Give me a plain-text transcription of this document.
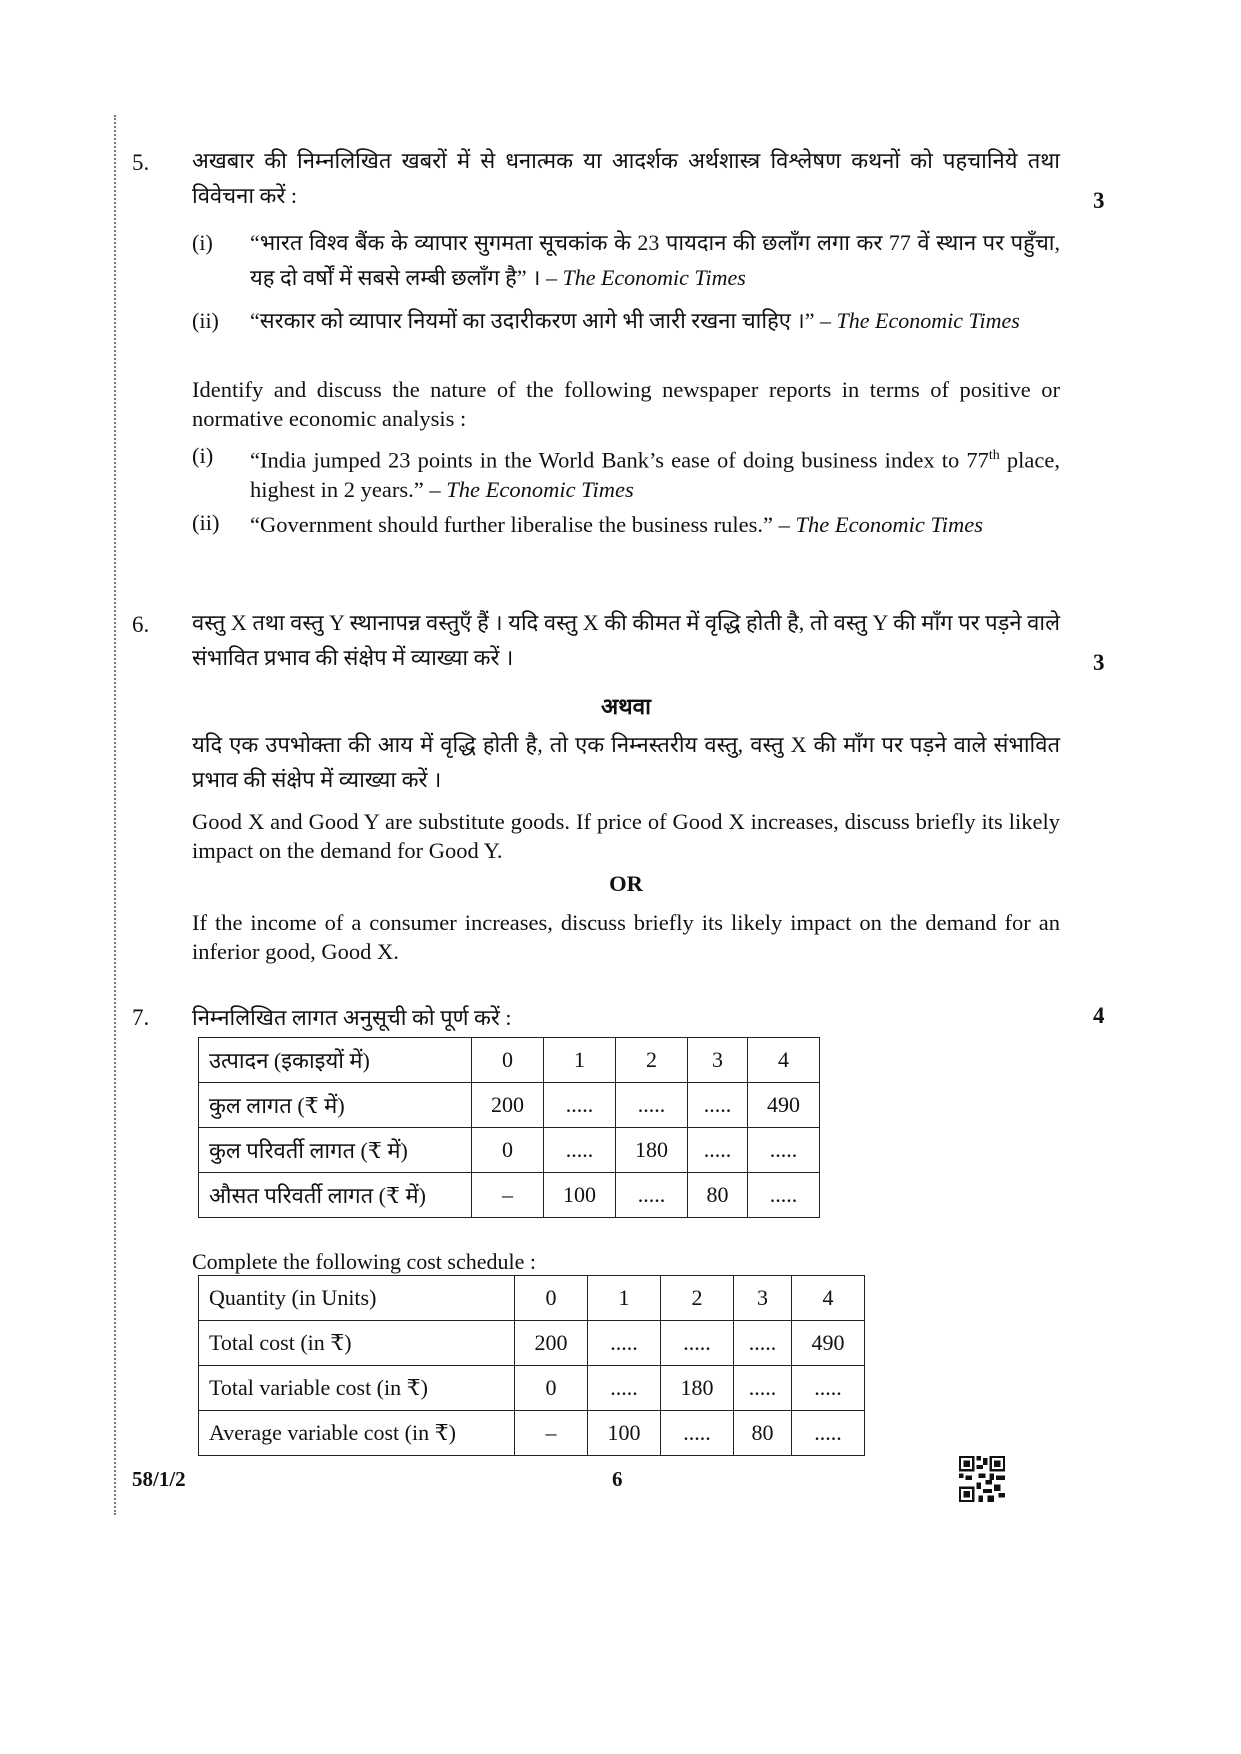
5.
3
अखबार की निम्नलिखित खबरों में से धनात्मक या आदर्शक अर्थशास्त्र विश्लेषण कथनों को पहचानिये तथा विवेचना करें :
(i) “भारत विश्व बैंक के व्यापार सुगमता सूचकांक के 23 पायदान की छलाँग लगा कर 77 वें स्थान पर पहुँचा, यह दो वर्षों में सबसे लम्बी छलाँग है” । – The Economic Times
(ii) “सरकार को व्यापार नियमों का उदारीकरण आगे भी जारी रखना चाहिए ।” – The Economic Times
Identify and discuss the nature of the following newspaper reports in terms of positive or normative economic analysis :
(i) “India jumped 23 points in the World Bank’s ease of doing business index to 77th place, highest in 2 years.” – The Economic Times
(ii) “Government should further liberalise the business rules.” – The Economic Times
6.
3
वस्तु X तथा वस्तु Y स्थानापन्न वस्तुएँ हैं । यदि वस्तु X की कीमत में वृद्धि होती है, तो वस्तु Y की माँग पर पड़ने वाले संभावित प्रभाव की संक्षेप में व्याख्या करें ।
अथवा
यदि एक उपभोक्ता की आय में वृद्धि होती है, तो एक निम्नस्तरीय वस्तु, वस्तु X की माँग पर पड़ने वाले संभावित प्रभाव की संक्षेप में व्याख्या करें ।
Good X and Good Y are substitute goods. If price of Good X increases, discuss briefly its likely impact on the demand for Good Y.
OR
If the income of a consumer increases, discuss briefly its likely impact on the demand for an inferior good, Good X.
7.	4
निम्नलिखित लागत अनुसूची को पूर्ण करें :
उत्पादन (इकाइयों में)	0	1	2	3	4
कुल लागत (₹ में)	200	.....	.....	.....	490
कुल परिवर्ती लागत (₹ में)	0	.....	180	.....	.....
औसत परिवर्ती लागत (₹ में)	–	100	.....	80	.....
Complete the following cost schedule :
Quantity (in Units)	0	1	2	3	4
Total cost (in ₹)	200	.....	.....	.....	490
Total variable cost (in ₹)	0	.....	180	.....	.....
Average variable cost (in ₹)	–	100	.....	80	.....
58/1/2	6
